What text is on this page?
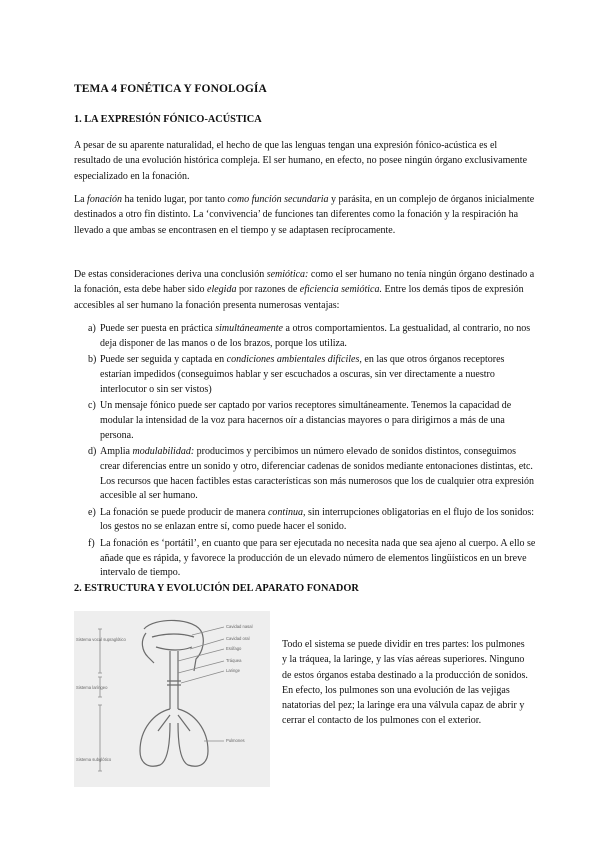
TEMA 4 FONÉTICA Y FONOLOGÍA
1. LA EXPRESIÓN FÓNICO-ACÚSTICA
A pesar de su aparente naturalidad, el hecho de que las lenguas tengan una expresión fónico-acústica es el resultado de una evolución histórica compleja. El ser humano, en efecto, no posee ningún órgano exclusivamente especializado en la fonación.
La fonación ha tenido lugar, por tanto como función secundaria y parásita, en un complejo de órganos inicialmente destinados a otro fin distinto. La ‘convivencia’ de funciones tan diferentes como la fonación y la respiración ha llevado a que ambas se encontrasen en el tiempo y se adaptasen recíprocamente.
De estas consideraciones deriva una conclusión semiótica: como el ser humano no tenía ningún órgano destinado a la fonación, esta debe haber sido elegida por razones de eficiencia semiótica. Entre los demás tipos de expresión accesibles al ser humano la fonación presenta numerosas ventajas:
a) Puede ser puesta en práctica simultáneamente a otros comportamientos. La gestualidad, al contrario, no nos deja disponer de las manos o de los brazos, porque los utiliza.
b) Puede ser seguida y captada en condiciones ambientales difíciles, en las que otros órganos receptores estarían impedidos (conseguimos hablar y ser escuchados a oscuras, sin ver directamente a nuestro interlocutor o sin ser vistos)
c) Un mensaje fónico puede ser captado por varios receptores simultáneamente. Tenemos la capacidad de modular la intensidad de la voz para hacernos oír a distancias mayores o para dirigirnos a más de una persona.
d) Amplia modulabilidad: producimos y percibimos un número elevado de sonidos distintos, conseguimos crear diferencias entre un sonido y otro, diferenciar cadenas de sonidos mediante entonaciones distintas, etc. Los recursos que hacen factibles estas características son más numerosos que los de cualquier otra expresión accesible al ser humano.
e) La fonación se puede producir de manera continua, sin interrupciones obligatorias en el flujo de los sonidos: los gestos no se enlazan entre sí, como puede hacer el sonido.
f) La fonación es ‘portátil’, en cuanto que para ser ejecutada no necesita nada que sea ajeno al cuerpo. A ello se añade que es rápida, y favorece la producción de un elevado número de elementos lingüísticos en un breve intervalo de tiempo.
2. ESTRUCTURA Y EVOLUCIÓN DEL APARATO FONADOR
Cavidad nasal
Cavidad oral
Esófago
Tráquea
Laringe
Pulmones
Sistema vocal supraglótico
Sistema laríngeo
Sistema subglótico
Todo el sistema se puede dividir en tres partes: los pulmones y la tráquea, la laringe, y las vías aéreas superiores. Ninguno de estos órganos estaba destinado a la producción de sonidos. En efecto, los pulmones son una evolución de las vejigas natatorias del pez; la laringe era una válvula capaz de abrir y cerrar el contacto de los pulmones con el exterior.
